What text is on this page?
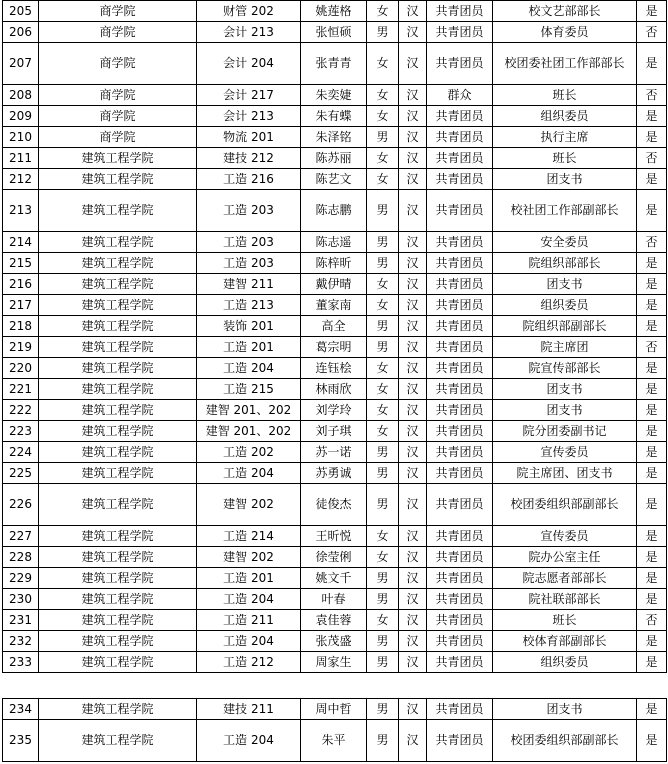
205	商学院	财管 202	姚莲格	女	汉	共青团员	校文艺部部长	是
206	商学院	会计 213	张恒硕	男	汉	共青团员	体育委员	否
207	商学院	会计 204	张青青	女	汉	共青团员	校团委社团工作部部长	是
208	商学院	会计 217	朱奕婕	女	汉	群众	班长	否
209	商学院	会计 213	朱有蝶	女	汉	共青团员	组织委员	是
210	商学院	物流 201	朱泽铭	男	汉	共青团员	执行主席	是
211	建筑工程学院	建技 212	陈苏丽	女	汉	共青团员	班长	否
212	建筑工程学院	工造 216	陈艺文	女	汉	共青团员	团支书	是
213	建筑工程学院	工造 203	陈志鹏	男	汉	共青团员	校社团工作部副部长	是
214	建筑工程学院	工造 203	陈志遥	男	汉	共青团员	安全委员	否
215	建筑工程学院	工造 203	陈梓昕	男	汉	共青团员	院组织部部长	是
216	建筑工程学院	建智 211	戴伊晴	女	汉	共青团员	团支书	是
217	建筑工程学院	工造 213	董家南	女	汉	共青团员	组织委员	是
218	建筑工程学院	装饰 201	高全	男	汉	共青团员	院组织部副部长	是
219	建筑工程学院	工造 201	葛宗明	男	汉	共青团员	院主席团	否
220	建筑工程学院	工造 204	连钰桧	女	汉	共青团员	院宣传部部长	是
221	建筑工程学院	工造 215	林雨欣	女	汉	共青团员	团支书	是
222	建筑工程学院	建智 201、202	刘学玲	女	汉	共青团员	团支书	是
223	建筑工程学院	建智 201、202	刘子琪	女	汉	共青团员	院分团委副书记	是
224	建筑工程学院	工造 202	苏一诺	男	汉	共青团员	宣传委员	是
225	建筑工程学院	工造 204	苏勇诚	男	汉	共青团员	院主席团、团支书	是
226	建筑工程学院	建智 202	徒俊杰	男	汉	共青团员	校团委组织部副部长	是
227	建筑工程学院	工造 214	王昕悦	女	汉	共青团员	宣传委员	是
228	建筑工程学院	建智 202	徐莹俐	女	汉	共青团员	院办公室主任	是
229	建筑工程学院	工造 201	姚文千	男	汉	共青团员	院志愿者部部长	是
230	建筑工程学院	工造 204	叶春	男	汉	共青团员	院社联部部长	是
231	建筑工程学院	工造 211	袁佳蓉	女	汉	共青团员	班长	否
232	建筑工程学院	工造 204	张茂盛	男	汉	共青团员	校体育部副部长	是
233	建筑工程学院	工造 212	周家生	男	汉	共青团员	组织委员	是
234	建筑工程学院	建技 211	周中哲	男	汉	共青团员	团支书	是
235	建筑工程学院	工造 204	朱平	男	汉	共青团员	校团委组织部副部长	是
